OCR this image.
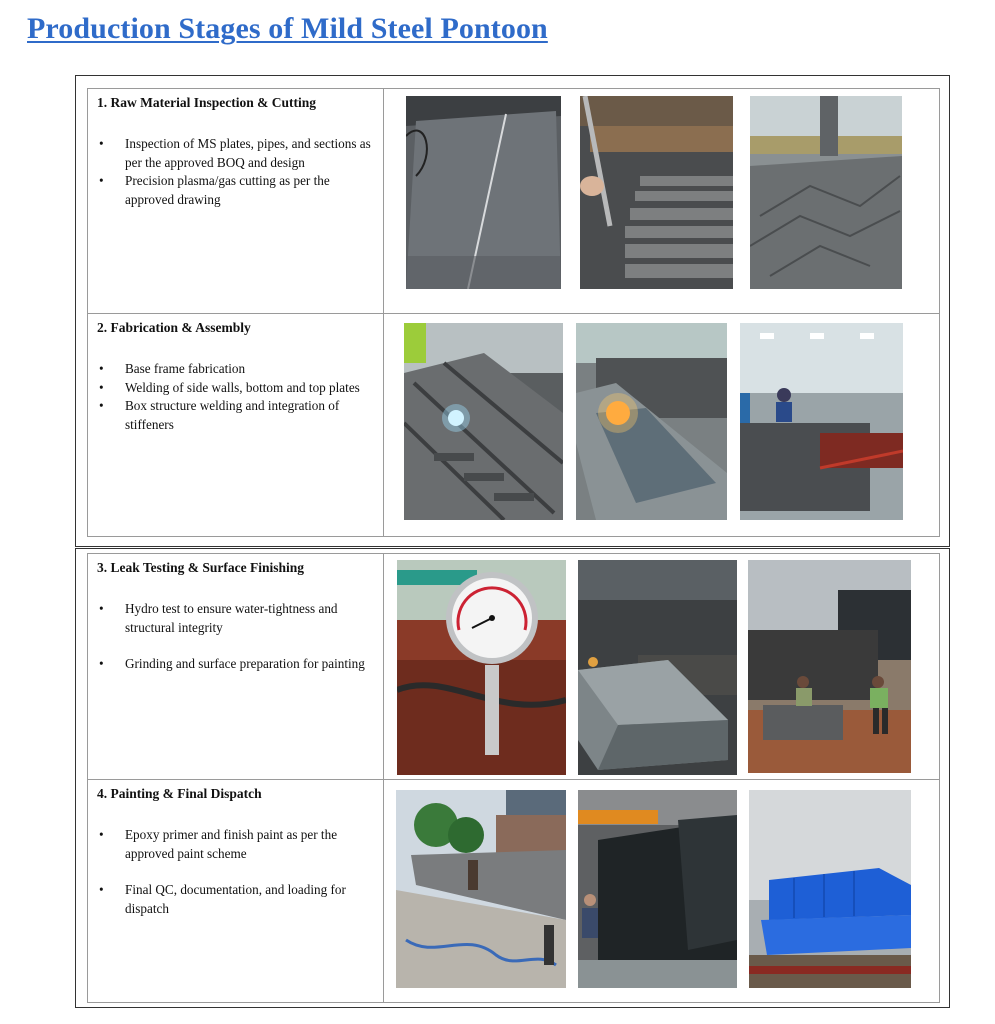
Production Stages of Mild Steel Pontoon

1. Raw Material Inspection & Cutting

• Inspection of MS plates, pipes, and sections as per the approved BOQ and design
• Precision plasma/gas cutting as per the approved drawing

2. Fabrication & Assembly

• Base frame fabrication
• Welding of side walls, bottom and top plates
• Box structure welding and integration of stiffeners

3. Leak Testing & Surface Finishing

• Hydro test to ensure water-tightness and structural integrity
• Grinding and surface preparation for painting

4. Painting & Final Dispatch

• Epoxy primer and finish paint as per the approved paint scheme
• Final QC, documentation, and loading for dispatch
